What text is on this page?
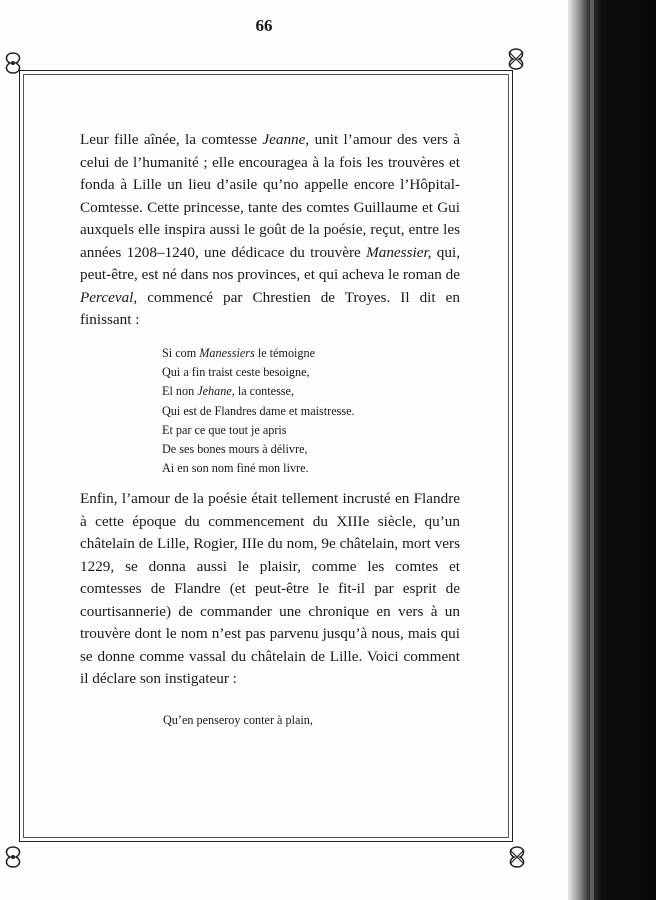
66

Leur fille aînée, la comtesse Jeanne, unit l’amour des vers à celui de l’humanité ; elle encouragea à la fois les trouvères et fonda à Lille un lieu d’asile qu’no appelle encore l’Hôpital-Comtesse. Cette princesse, tante des comtes Guillaume et Gui auxquels elle inspira aussi le goût de la poésie, reçut, entre les années 1208–1240, une dédicace du trouvère Manessier, qui, peut-être, est né dans nos provinces, et qui acheva le roman de Perceval, commencé par Chrestien de Troyes. Il dit en finissant :

Si com Manessiers le témoigne
Qui a fin traist ceste besoigne,
El non Jehane, la contesse,
Qui est de Flandres dame et maistresse.
Et par ce que tout je apris
De ses bones mours à délivre,
Ai en son nom finé mon livre.

Enfin, l’amour de la poésie était tellement incrusté en Flandre à cette époque du commencement du XIIIe siècle, qu’un châtelain de Lille, Rogier, IIIe du nom, 9e châtelain, mort vers 1229, se donna aussi le plaisir, comme les comtes et comtesses de Flandre (et peut-être le fit-il par esprit de courtisannerie) de commander une chronique en vers à un trouvère dont le nom n’est pas parvenu jusqu’à nous, mais qui se donne comme vassal du châtelain de Lille. Voici comment il déclare son instigateur :

Qu’en penseroy conter à plain,
